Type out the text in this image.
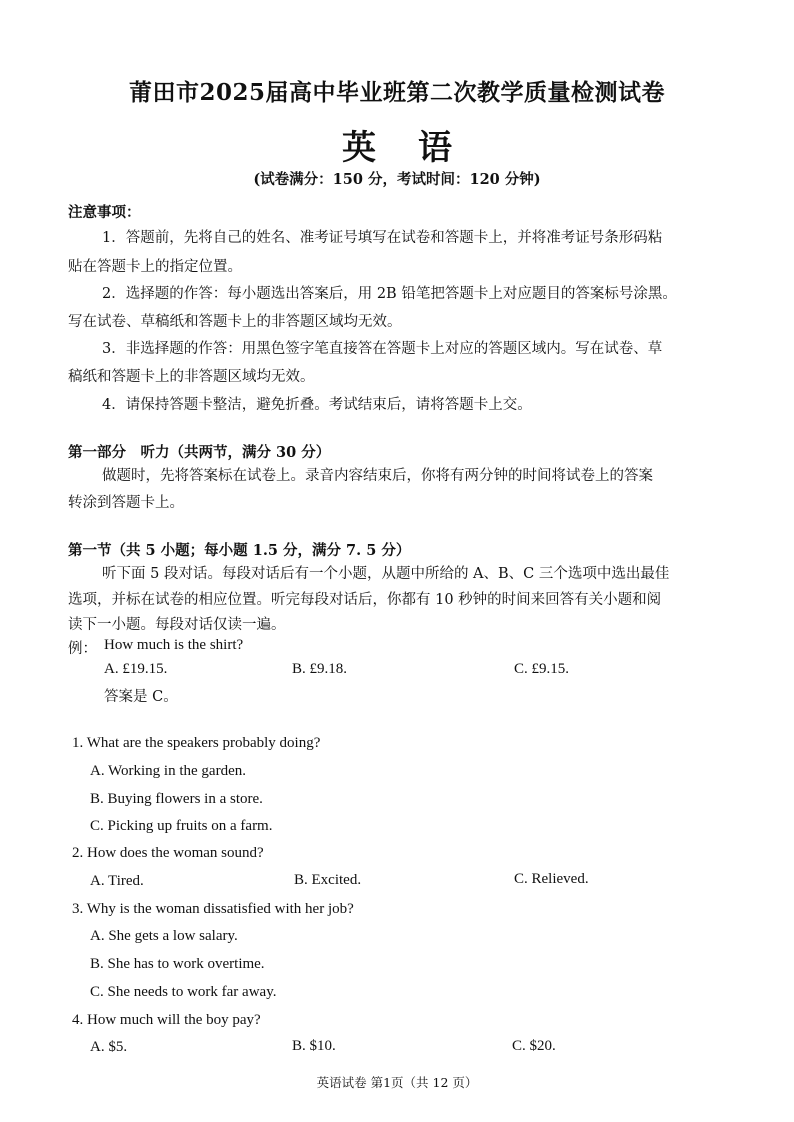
莆田市2025届高中毕业班第二次教学质量检测试卷
英语
(试卷满分：150 分，考试时间：120 分钟)
注意事项：
1．答题前，先将自己的姓名、准考证号填写在试卷和答题卡上，并将准考证号条形码粘
贴在答题卡上的指定位置。
2．选择题的作答：每小题选出答案后，用 2B 铅笔把答题卡上对应题目的答案标号涂黑。
写在试卷、草稿纸和答题卡上的非答题区域均无效。
3．非选择题的作答：用黑色签字笔直接答在答题卡上对应的答题区域内。写在试卷、草
稿纸和答题卡上的非答题区域均无效。
4．请保持答题卡整洁，避免折叠。考试结束后，请将答题卡上交。
第一部分　听力（共两节，满分 30 分）
做题时，先将答案标在试卷上。录音内容结束后，你将有两分钟的时间将试卷上的答案
转涂到答题卡上。
第一节（共 5 小题；每小题 1.5 分，满分 7. 5 分）
听下面 5 段对话。每段对话后有一个小题，从题中所给的 A、B、C 三个选项中选出最佳
选项，并标在试卷的相应位置。听完每段对话后，你都有 10 秒钟的时间来回答有关小题和阅
读下一小题。每段对话仅读一遍。
例： How much is the shirt?
A. £19.15.	B. £9.18.	C. £9.15.
答案是 C。
1. What are the speakers probably doing?
A. Working in the garden.
B. Buying flowers in a store.
C. Picking up fruits on a farm.
2. How does the woman sound?
A. Tired.	B. Excited.	C. Relieved.
3. Why is the woman dissatisfied with her job?
A. She gets a low salary.
B. She has to work overtime.
C. She needs to work far away.
4. How much will the boy pay?
A. $5.	B. $10.	C. $20.
英语试卷 第1页（共 12 页）
